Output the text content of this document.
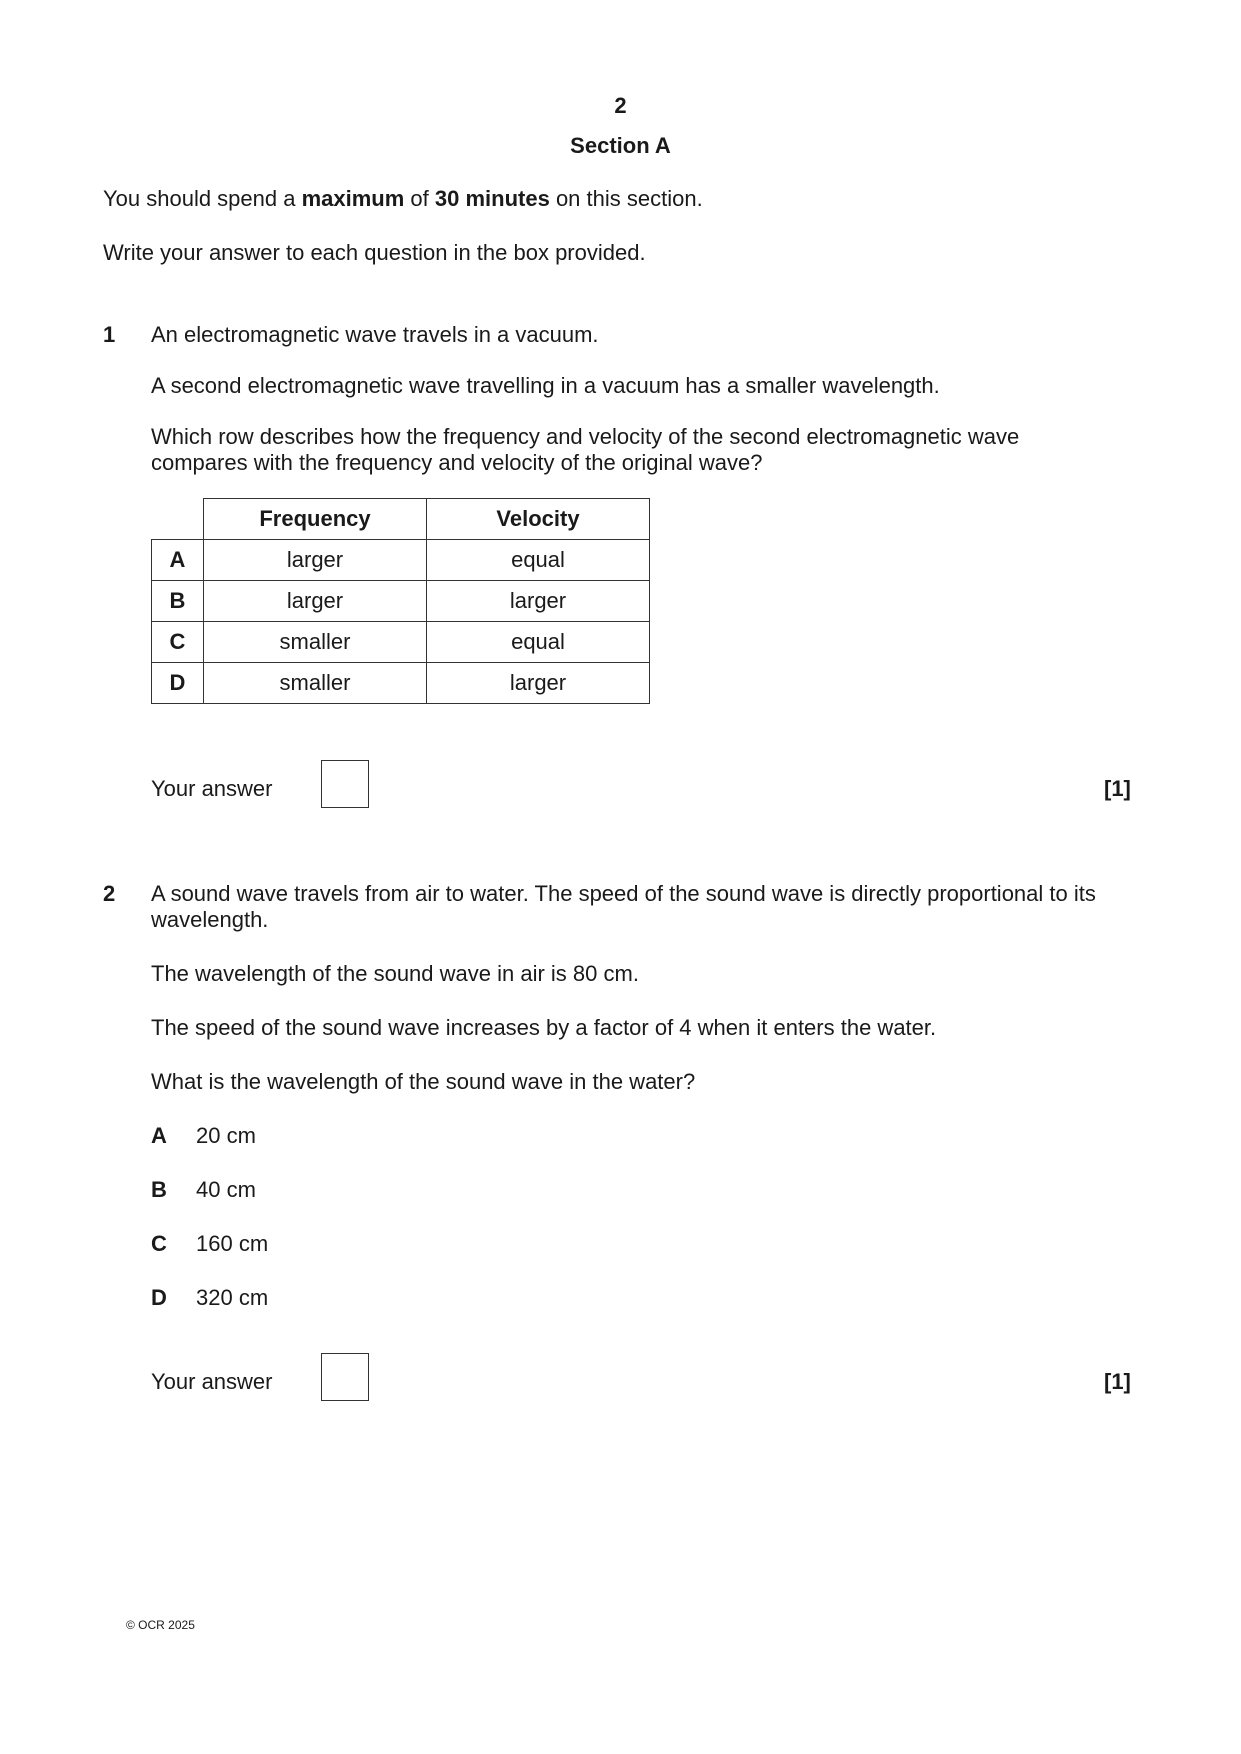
2

Section A

You should spend a maximum of 30 minutes on this section.

Write your answer to each question in the box provided.

1 An electromagnetic wave travels in a vacuum.

A second electromagnetic wave travelling in a vacuum has a smaller wavelength.

Which row describes how the frequency and velocity of the second electromagnetic wave

compares with the frequency and velocity of the original wave?

	Frequency	Velocity
A	larger	equal
B	larger	larger
C	smaller	equal
D	smaller	larger

Your answer	[1]

2 A sound wave travels from air to water. The speed of the sound wave is directly proportional to its

wavelength.

The wavelength of the sound wave in air is 80 cm.

The speed of the sound wave increases by a factor of 4 when it enters the water.

What is the wavelength of the sound wave in the water?

A 20 cm

B 40 cm

C 160 cm

D 320 cm

Your answer	[1]

© OCR 2025
